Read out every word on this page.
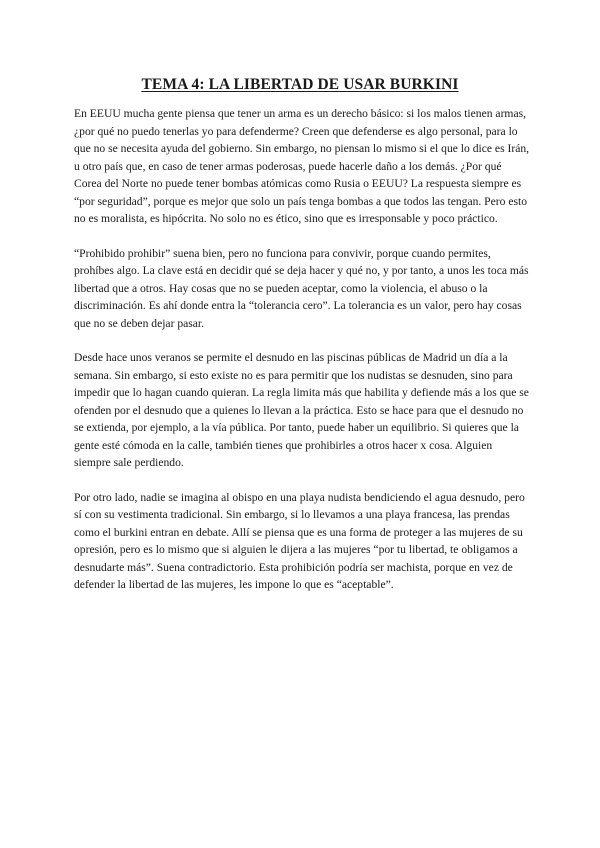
TEMA 4: LA LIBERTAD DE USAR BURKINI

En EEUU mucha gente piensa que tener un arma es un derecho básico: si los malos tienen armas, ¿por qué no puedo tenerlas yo para defenderme? Creen que defenderse es algo personal, para lo que no se necesita ayuda del gobierno. Sin embargo, no piensan lo mismo si el que lo dice es Irán, u otro país que, en caso de tener armas poderosas, puede hacerle daño a los demás. ¿Por qué Corea del Norte no puede tener bombas atómicas como Rusia o EEUU? La respuesta siempre es “por seguridad”, porque es mejor que solo un país tenga bombas a que todos las tengan. Pero esto no es moralista, es hipócrita. No solo no es ético, sino que es irresponsable y poco práctico.

“Prohibido prohibir” suena bien, pero no funciona para convivir, porque cuando permites, prohíbes algo. La clave está en decidir qué se deja hacer y qué no, y por tanto, a unos les toca más libertad que a otros. Hay cosas que no se pueden aceptar, como la violencia, el abuso o la discriminación. Es ahí donde entra la “tolerancia cero”. La tolerancia es un valor, pero hay cosas que no se deben dejar pasar.

Desde hace unos veranos se permite el desnudo en las piscinas públicas de Madrid un día a la semana. Sin embargo, si esto existe no es para permitir que los nudistas se desnuden, sino para impedir que lo hagan cuando quieran. La regla limita más que habilita y defiende más a los que se ofenden por el desnudo que a quienes lo llevan a la práctica. Esto se hace para que el desnudo no se extienda, por ejemplo, a la vía pública. Por tanto, puede haber un equilibrio. Si quieres que la gente esté cómoda en la calle, también tienes que prohibirles a otros hacer x cosa. Alguien siempre sale perdiendo.

Por otro lado, nadie se imagina al obispo en una playa nudista bendiciendo el agua desnudo, pero sí con su vestimenta tradicional. Sin embargo, si lo llevamos a una playa francesa, las prendas como el burkini entran en debate. Allí se piensa que es una forma de proteger a las mujeres de su opresión, pero es lo mismo que si alguien le dijera a las mujeres “por tu libertad, te obligamos a desnudarte más”. Suena contradictorio. Esta prohibición podría ser machista, porque en vez de defender la libertad de las mujeres, les impone lo que es “aceptable”.
